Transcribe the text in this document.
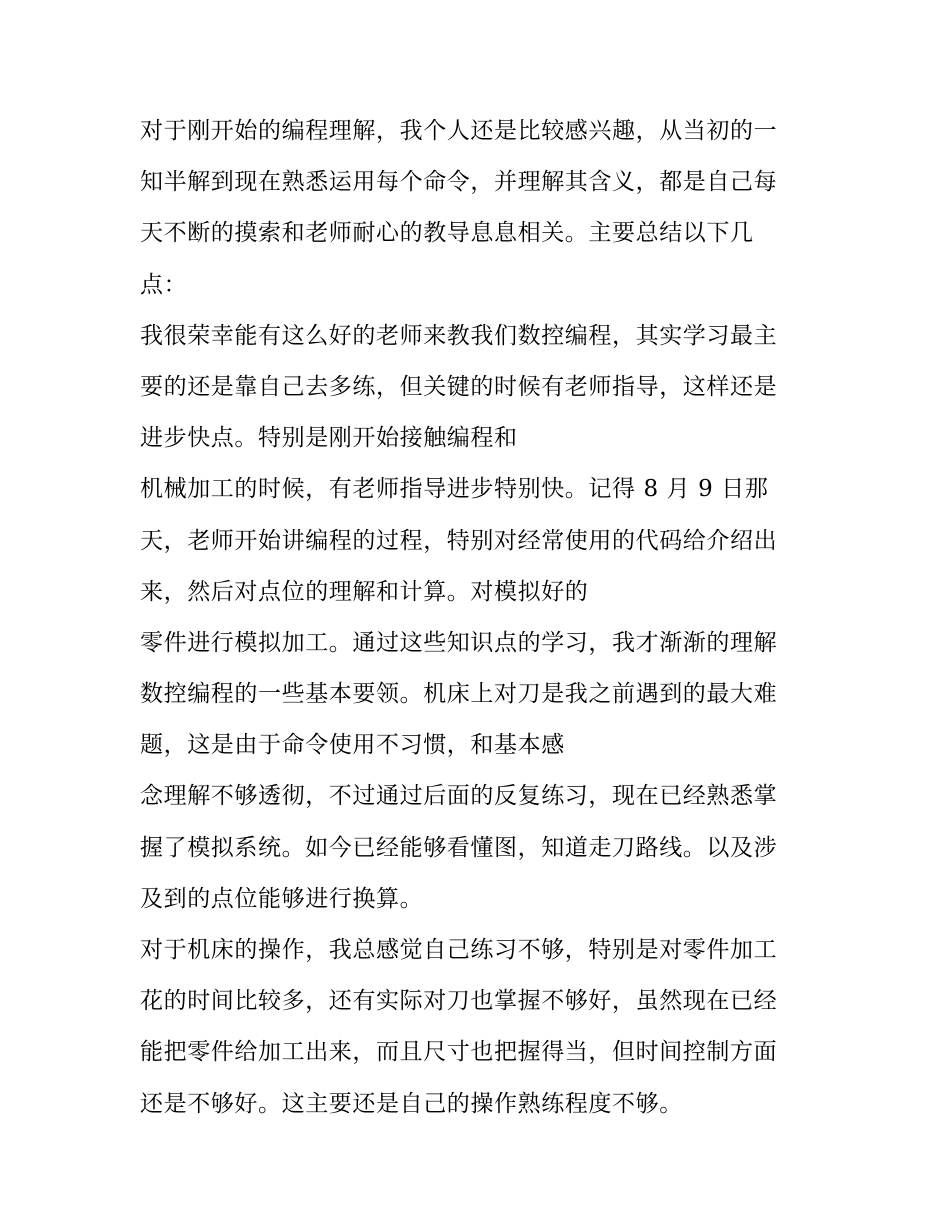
对于刚开始的编程理解，我个人还是比较感兴趣，从当初的一
知半解到现在熟悉运用每个命令，并理解其含义，都是自己每
天不断的摸索和老师耐心的教导息息相关。主要总结以下几
点：
我很荣幸能有这么好的老师来教我们数控编程，其实学习最主
要的还是靠自己去多练，但关键的时候有老师指导，这样还是
进步快点。特别是刚开始接触编程和
机械加工的时候，有老师指导进步特别快。记得 8 月 9 日那
天，老师开始讲编程的过程，特别对经常使用的代码给介绍出
来，然后对点位的理解和计算。对模拟好的
零件进行模拟加工。通过这些知识点的学习，我才渐渐的理解
数控编程的一些基本要领。机床上对刀是我之前遇到的最大难
题，这是由于命令使用不习惯，和基本感
念理解不够透彻，不过通过后面的反复练习，现在已经熟悉掌
握了模拟系统。如今已经能够看懂图，知道走刀路线。以及涉
及到的点位能够进行换算。
对于机床的操作，我总感觉自己练习不够，特别是对零件加工
花的时间比较多，还有实际对刀也掌握不够好，虽然现在已经
能把零件给加工出来，而且尺寸也把握得当，但时间控制方面
还是不够好。这主要还是自己的操作熟练程度不够。
